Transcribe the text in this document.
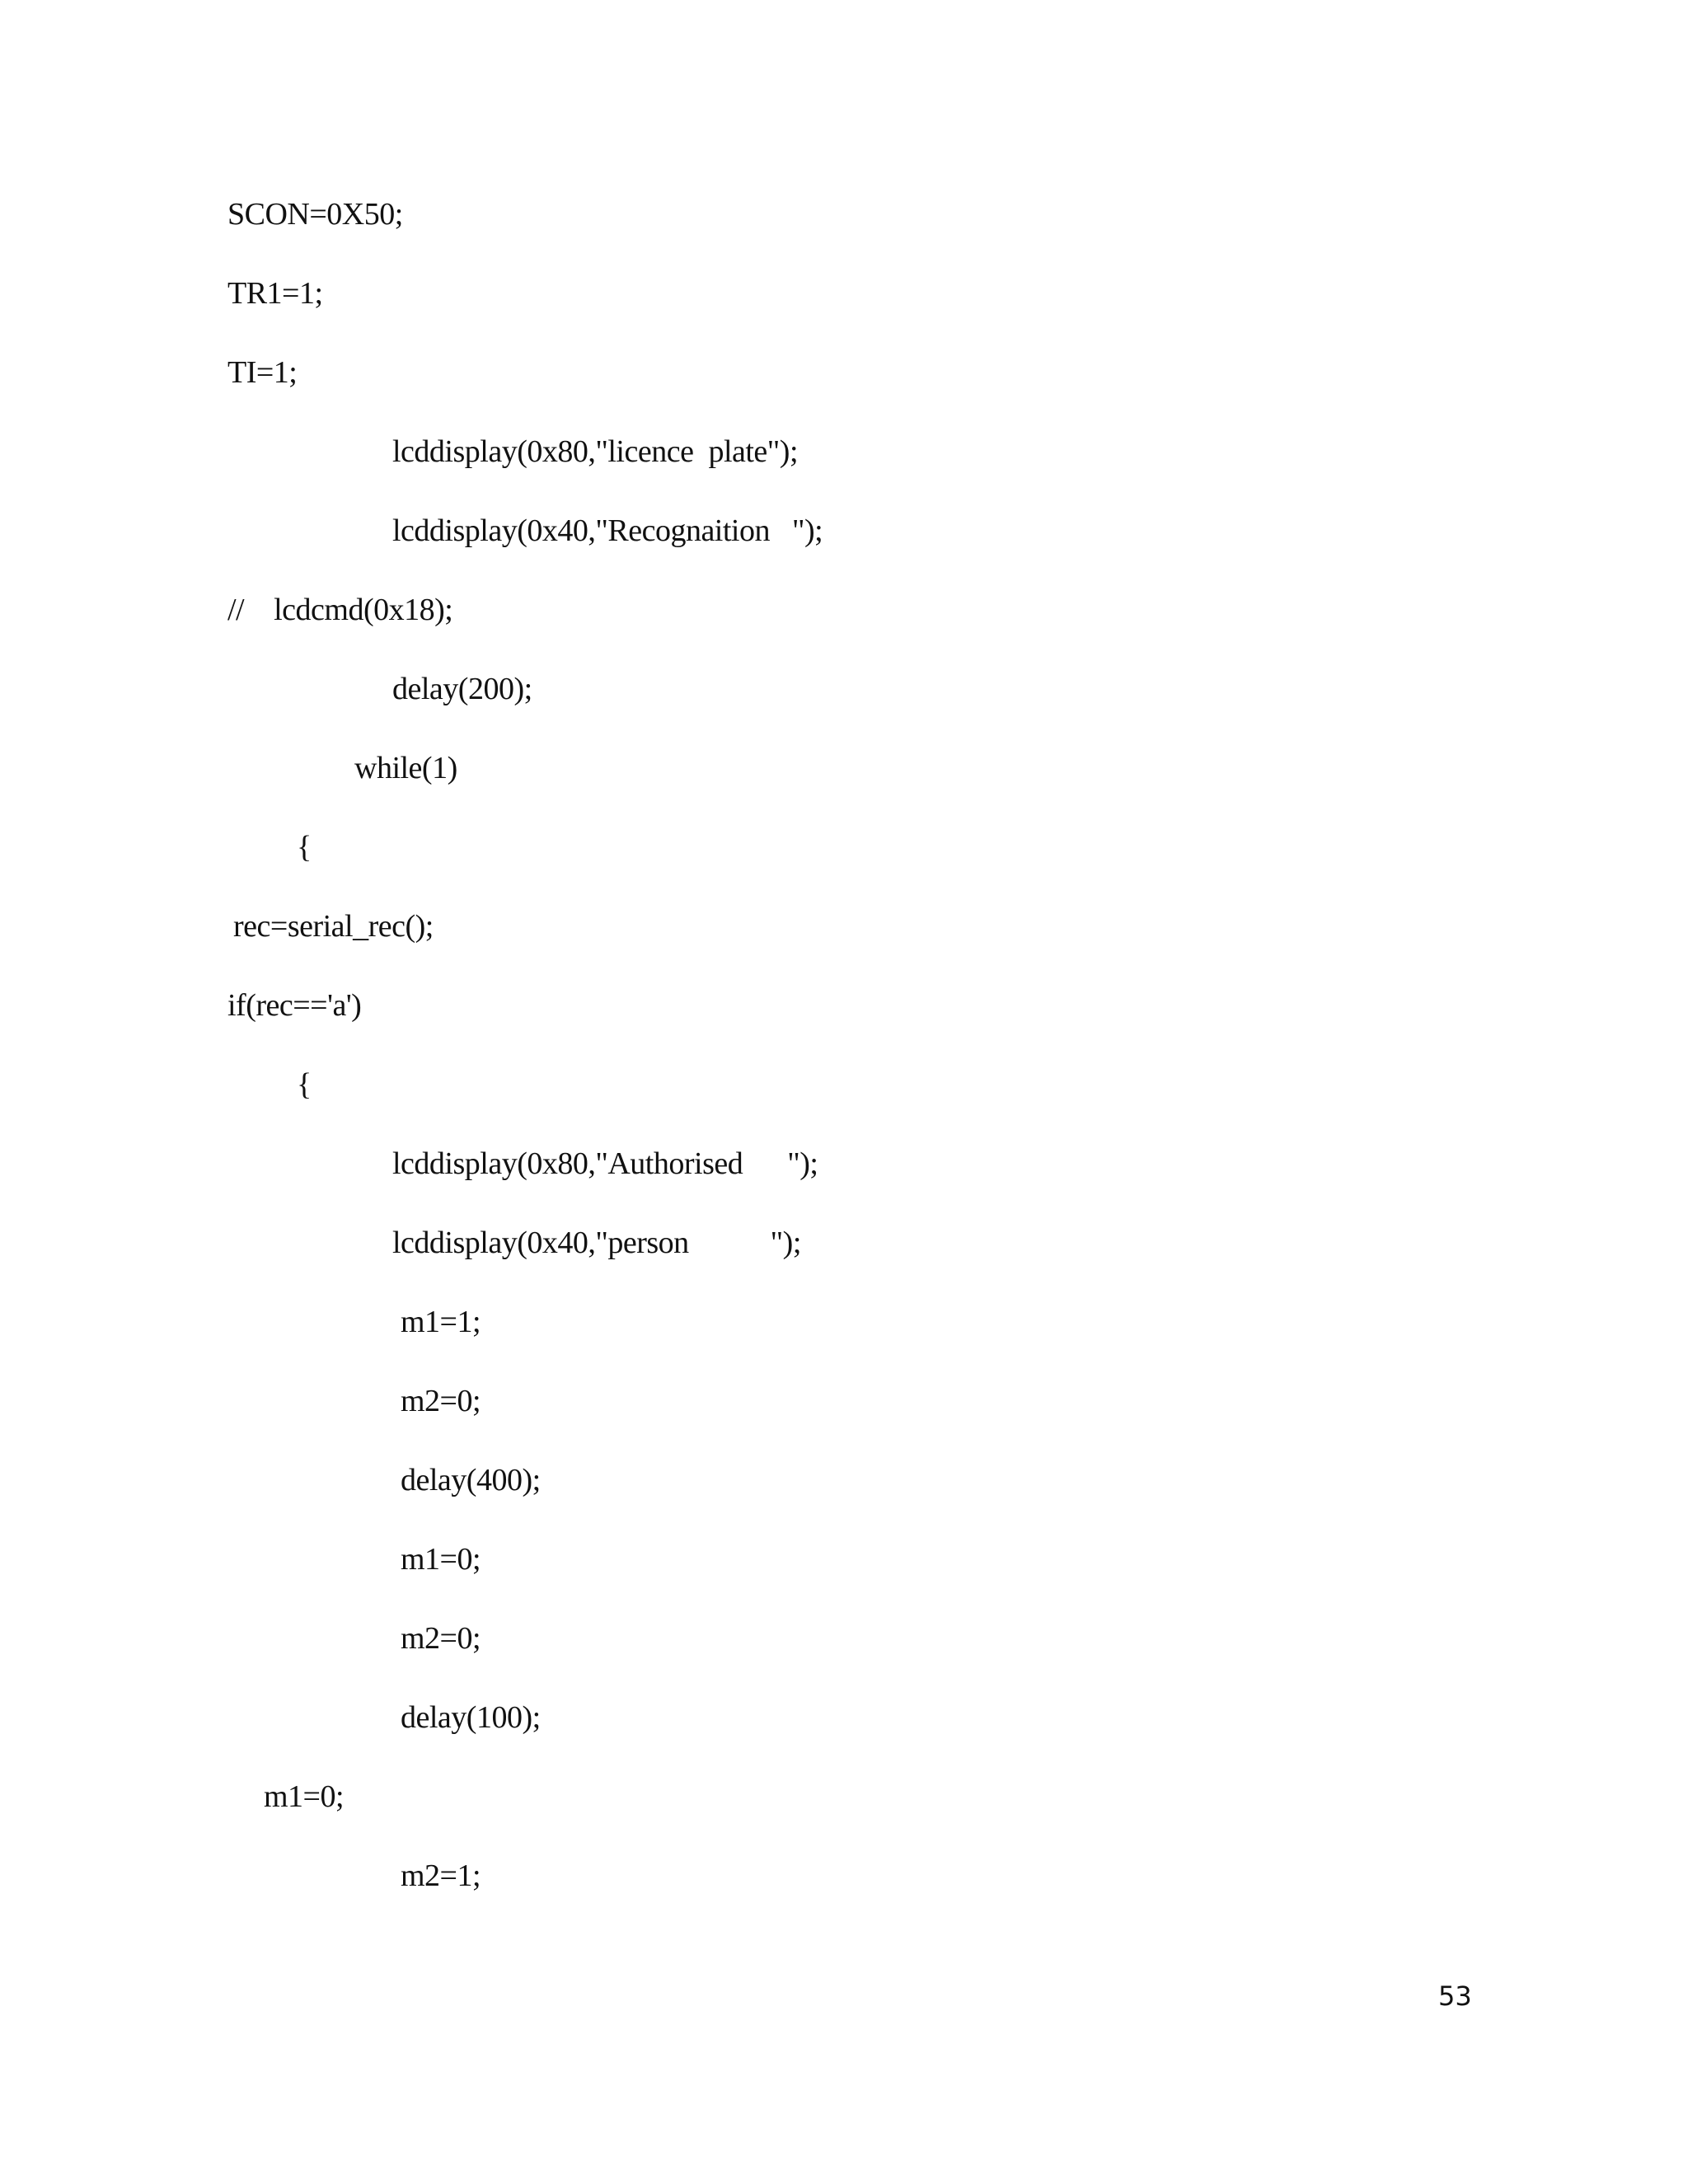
SCON=0X50;
TR1=1;
TI=1;
lcddisplay(0x80,"licence  plate");
lcddisplay(0x40,"Recognaition   ");
//    lcdcmd(0x18);
delay(200);
while(1)
{
rec=serial_rec();
if(rec=='a')
{
lcddisplay(0x80,"Authorised      ");
lcddisplay(0x40,"person           ");
m1=1;
m2=0;
delay(400);
m1=0;
m2=0;
delay(100);
m1=0;
m2=1;
53
